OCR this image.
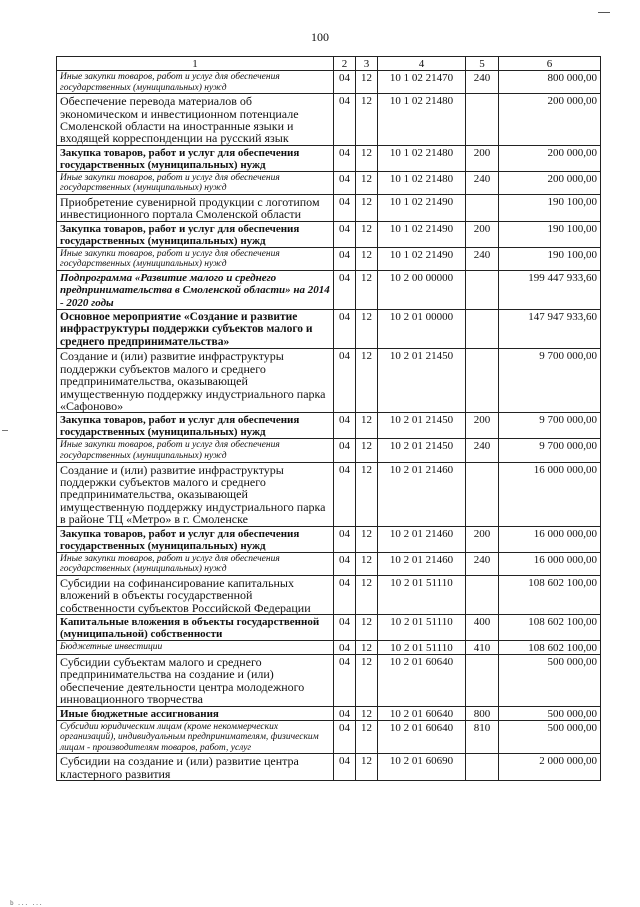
100
1	2	3	4	5	6
Иные закупки товаров, работ и услуг для обеспечения государственных (муниципальных) нужд	04	12	10 1 02 21470	240	800 000,00
Обеспечение перевода материалов об экономическом и инвестиционном потенциале Смоленской области на иностранные языки и входящей корреспонденции на русский язык	04	12	10 1 02 21480		200 000,00
Закупка товаров, работ и услуг для обеспечения государственных (муниципальных) нужд	04	12	10 1 02 21480	200	200 000,00
Иные закупки товаров, работ и услуг для обеспечения государственных (муниципальных) нужд	04	12	10 1 02 21480	240	200 000,00
Приобретение сувенирной продукции с логотипом инвестиционного портала Смоленской области	04	12	10 1 02 21490		190 100,00
Закупка товаров, работ и услуг для обеспечения государственных (муниципальных) нужд	04	12	10 1 02 21490	200	190 100,00
Иные закупки товаров, работ и услуг для обеспечения государственных (муниципальных) нужд	04	12	10 1 02 21490	240	190 100,00
Подпрограмма «Развитие малого и среднего предпринимательства в Смоленской области» на 2014 - 2020 годы	04	12	10 2 00 00000		199 447 933,60
Основное мероприятие «Создание и развитие инфраструктуры поддержки субъектов малого и среднего предпринимательства»	04	12	10 2 01 00000		147 947 933,60
Создание и (или) развитие инфраструктуры поддержки субъектов малого и среднего предпринимательства, оказывающей имущественную поддержку индустриального парка «Сафоново»	04	12	10 2 01 21450		9 700 000,00
Закупка товаров, работ и услуг для обеспечения государственных (муниципальных) нужд	04	12	10 2 01 21450	200	9 700 000,00
Иные закупки товаров, работ и услуг для обеспечения государственных (муниципальных) нужд	04	12	10 2 01 21450	240	9 700 000,00
Создание и (или) развитие инфраструктуры поддержки субъектов малого и среднего предпринимательства, оказывающей имущественную поддержку индустриального парка в районе ТЦ «Метро» в г. Смоленске	04	12	10 2 01 21460		16 000 000,00
Закупка товаров, работ и услуг для обеспечения государственных (муниципальных) нужд	04	12	10 2 01 21460	200	16 000 000,00
Иные закупки товаров, работ и услуг для обеспечения государственных (муниципальных) нужд	04	12	10 2 01 21460	240	16 000 000,00
Субсидии на софинансирование капитальных вложений в объекты государственной собственности субъектов Российской Федерации	04	12	10 2 01 51110		108 602 100,00
Капитальные вложения в объекты государственной (муниципальной) собственности	04	12	10 2 01 51110	400	108 602 100,00
Бюджетные инвестиции	04	12	10 2 01 51110	410	108 602 100,00
Субсидии субъектам малого и среднего предпринимательства на создание и (или) обеспечение деятельности центра молодежного инновационного творчества	04	12	10 2 01 60640		500 000,00
Иные бюджетные ассигнования	04	12	10 2 01 60640	800	500 000,00
Субсидии юридическим лицам (кроме некоммерческих организаций), индивидуальным предпринимателям, физическим лицам - производителям товаров, работ, услуг	04	12	10 2 01 60640	810	500 000,00
Субсидии на создание и (или) развитие центра кластерного развития	04	12	10 2 01 60690		2 000 000,00
b ... ...
